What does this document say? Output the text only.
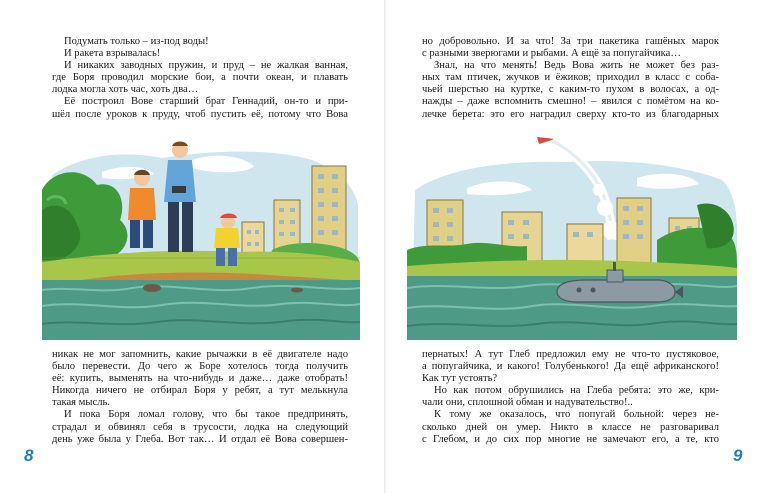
Подумать только – из-под воды!
И ракета взрывалась!
И никаких заводных пружин, и пруд – не жалкая ванная,
где Боря проводил морские бои, а почти океан, и плавать
лодка могла хоть час, хоть два…
Её построил Вове старший брат Геннадий, он-то и при-
шёл после уроков к пруду, чтоб пустить её, потому что Вова
никак не мог запомнить, какие рычажки в её двигателе надо
было перевести. До чего ж Боре хотелось тогда получить
её: купить, выменять на что-нибудь и даже… даже отобрать!
Никогда ничего не отбирал Боря у ребят, а тут мелькнула
такая мысль.
И пока Боря ломал голову, что бы такое предпринять,
страдал и обвинял себя в трусости, лодка на следующий
день уже была у Глеба. Вот так… И отдал её Вова совершен-
8
но добровольно. И за что! За три пакетика гашёных марок
с разными зверюгами и рыбами. А ещё за попугайчика…
Знал, на что менять! Ведь Вова жить не может без раз-
ных там птичек, жучков и ёжиков; приходил в класс с соба-
чьей шерстью на куртке, с каким-то пухом в волосах, а од-
нажды – даже вспомнить смешно! – явился с помётом на ко-
лечке берета: это его наградил сверху кто-то из благодарных
пернатых! А тут Глеб предложил ему не что-то пустяковое,
а попугайчика, и какого! Голубенького! Да ещё африканского!
Как тут устоять?
Но как потом обрушились на Глеба ребята: это же, кри-
чали они, сплошной обман и надувательство!..
К тому же оказалось, что попугай больной: через не-
сколько дней он умер. Никто в классе не разговаривал
с Глебом, и до сих пор многие не замечают его, а те, кто
9
